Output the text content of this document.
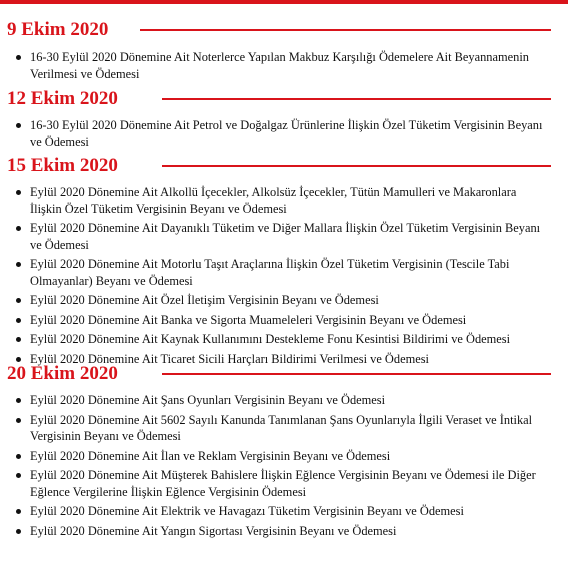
9 Ekim 2020
16-30 Eylül 2020 Dönemine Ait Noterlerce Yapılan Makbuz Karşılığı Ödemelere Ait Beyannamenin Verilmesi ve Ödemesi
12 Ekim 2020
16-30 Eylül 2020 Dönemine Ait Petrol ve Doğalgaz Ürünlerine İlişkin Özel Tüketim Vergisinin Beyanı ve Ödemesi
15 Ekim 2020
Eylül 2020 Dönemine Ait Alkollü İçecekler, Alkolsüz İçecekler, Tütün Mamulleri ve Makaronlara İlişkin Özel Tüketim Vergisinin Beyanı ve Ödemesi
Eylül 2020 Dönemine Ait Dayanıklı Tüketim ve Diğer Mallara İlişkin Özel Tüketim Vergisinin Beyanı ve Ödemesi
Eylül 2020 Dönemine Ait Motorlu Taşıt Araçlarına İlişkin Özel Tüketim Vergisinin (Tescile Tabi Olmayanlar) Beyanı ve Ödemesi
Eylül 2020 Dönemine Ait Özel İletişim Vergisinin Beyanı ve Ödemesi
Eylül 2020 Dönemine Ait Banka ve Sigorta Muameleleri Vergisinin Beyanı ve Ödemesi
Eylül 2020 Dönemine Ait Kaynak Kullanımını Destekleme Fonu Kesintisi Bildirimi ve Ödemesi
Eylül 2020 Dönemine Ait Ticaret Sicili Harçları Bildirimi Verilmesi ve Ödemesi
20 Ekim 2020
Eylül 2020 Dönemine Ait Şans Oyunları Vergisinin Beyanı ve Ödemesi
Eylül 2020 Dönemine Ait 5602 Sayılı Kanunda Tanımlanan Şans Oyunlarıyla İlgili Veraset ve İntikal Vergisinin Beyanı ve Ödemesi
Eylül 2020 Dönemine Ait İlan ve Reklam Vergisinin Beyanı ve Ödemesi
Eylül 2020 Dönemine Ait Müşterek Bahislere İlişkin Eğlence Vergisinin Beyanı ve Ödemesi ile Diğer Eğlence Vergilerine İlişkin Eğlence Vergisinin Ödemesi
Eylül 2020 Dönemine Ait Elektrik ve Havagazı Tüketim Vergisinin Beyanı ve Ödemesi
Eylül 2020 Dönemine Ait Yangın Sigortası Vergisinin Beyanı ve Ödemesi
